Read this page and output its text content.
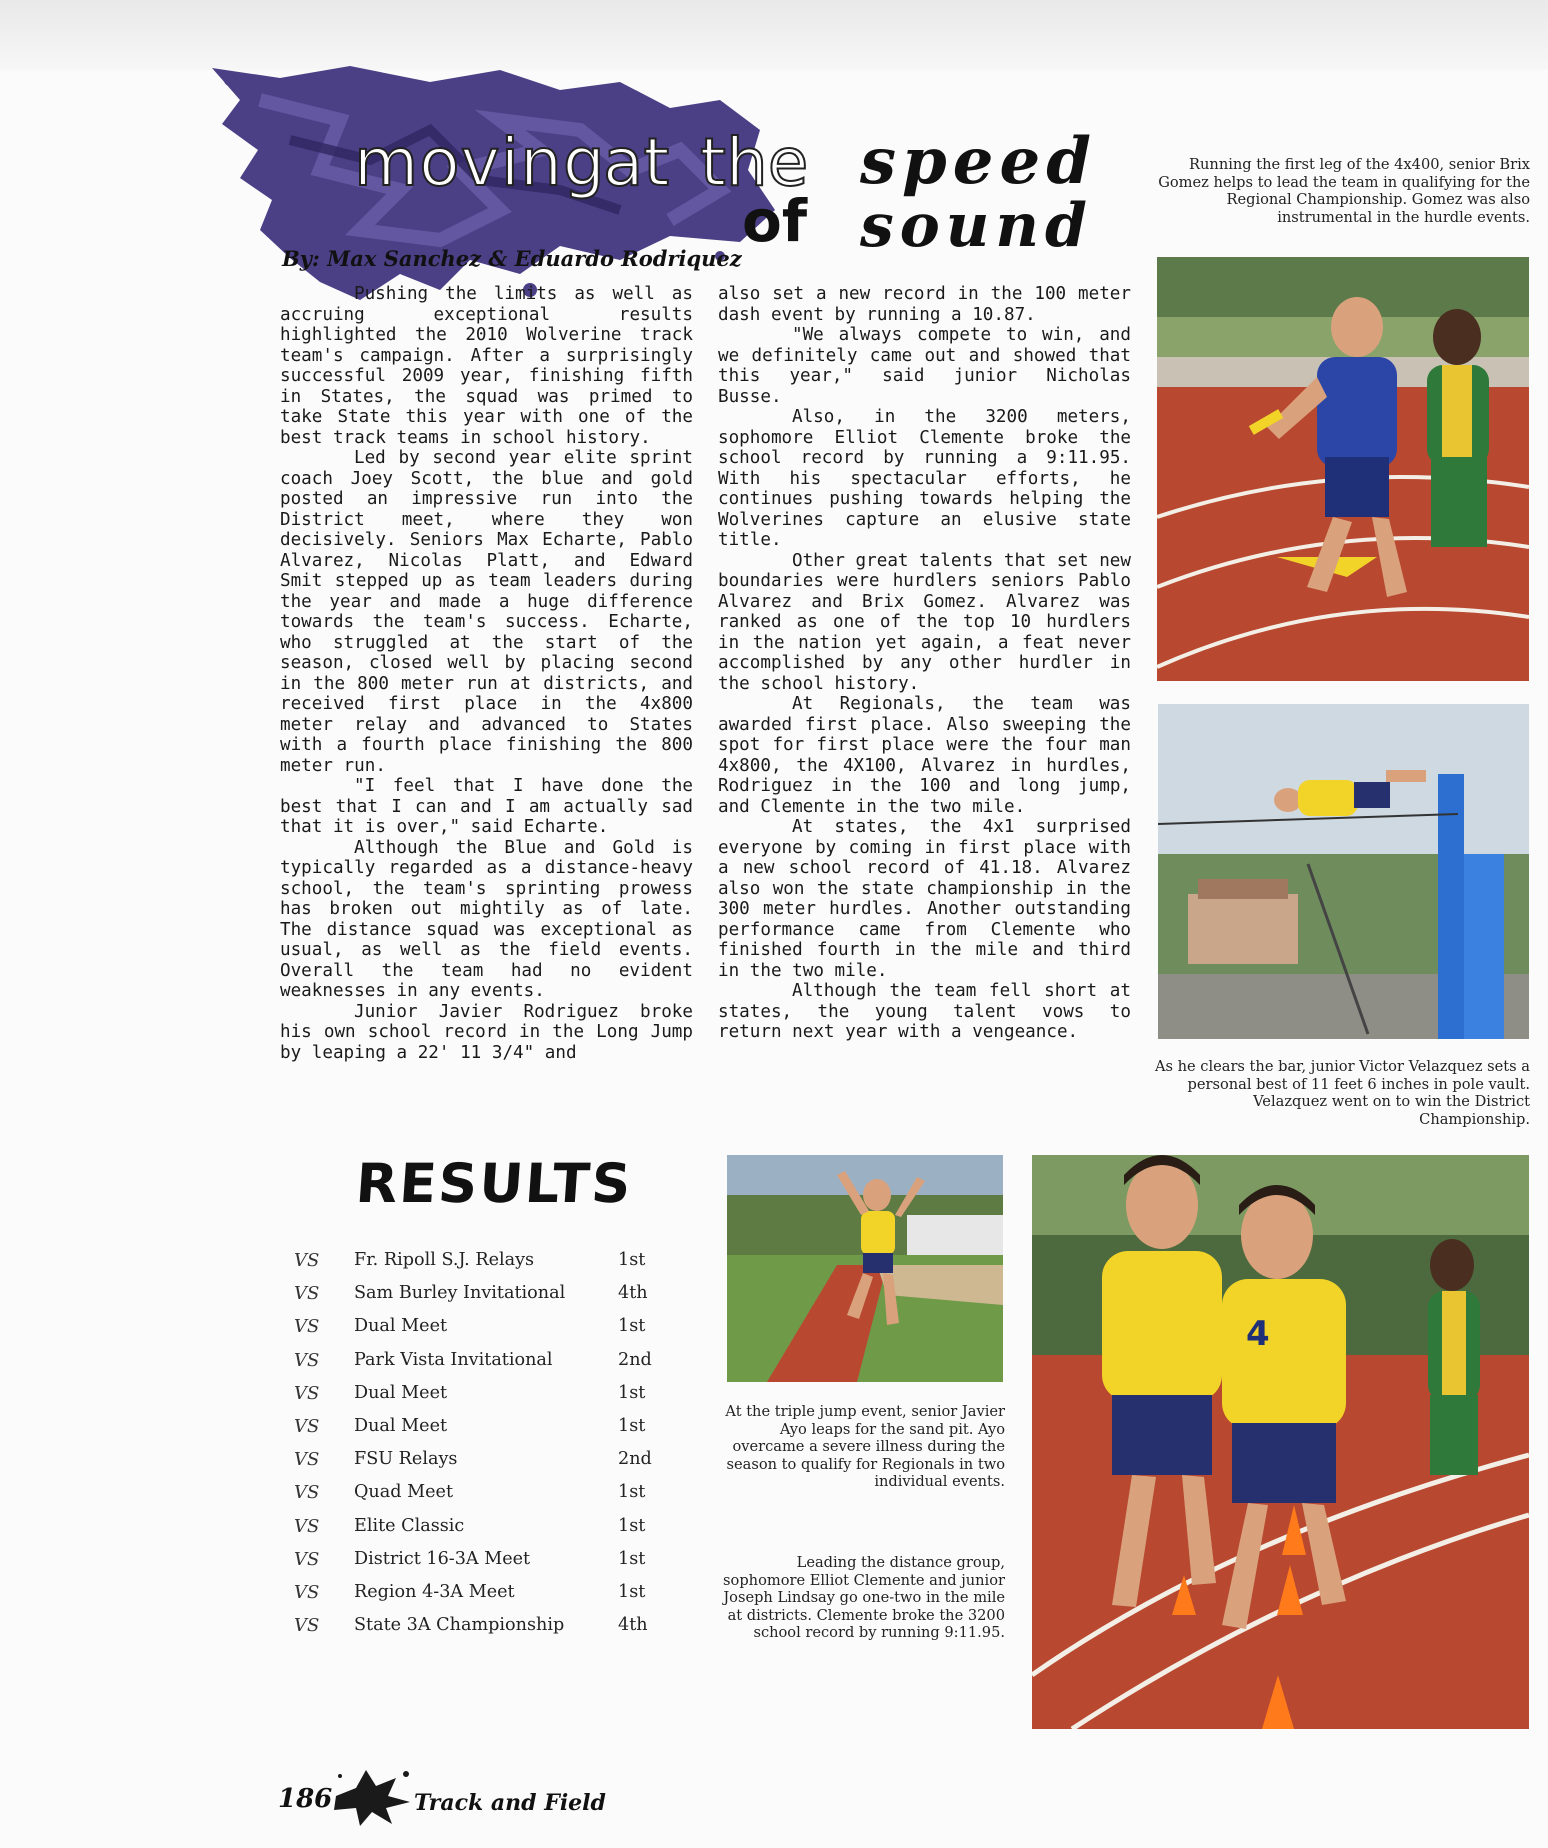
moving
at the
of
speed
sound
By: Max Sanchez & Eduardo Rodriquez

Pushing the limits as well as accruing exceptional results highlighted the 2010 Wolverine track team's campaign. After a surprisingly successful 2009 year, finishing fifth in States, the squad was primed to take State this year with one of the best track teams in school history.

Led by second year elite sprint coach Joey Scott, the blue and gold posted an impressive run into the District meet, where they won decisively. Seniors Max Echarte, Pablo Alvarez, Nicolas Platt, and Edward Smit stepped up as team leaders during the year and made a huge difference towards the team's success. Echarte, who struggled at the start of the season, closed well by placing second in the 800 meter run at districts, and received first place in the 4x800 meter relay and advanced to States with a fourth place finishing the 800 meter run.

"I feel that I have done the best that I can and I am actually sad that it is over," said Echarte.

Although the Blue and Gold is typically regarded as a distance-heavy school, the team's sprinting prowess has broken out mightily as of late. The distance squad was exceptional as usual, as well as the field events. Overall the team had no evident weaknesses in any events.

Junior Javier Rodriguez broke his own school record in the Long Jump by leaping a 22' 11 3/4" and

also set a new record in the 100 meter dash event by running a 10.87.

"We always compete to win, and we definitely came out and showed that this year," said junior Nicholas Busse.

Also, in the 3200 meters, sophomore Elliot Clemente broke the school record by running a 9:11.95. With his spectacular efforts, he continues pushing towards helping the Wolverines capture an elusive state title.

Other great talents that set new boundaries were hurdlers seniors Pablo Alvarez and Brix Gomez. Alvarez was ranked as one of the top 10 hurdlers in the nation yet again, a feat never accomplished by any other hurdler in the school history.

At Regionals, the team was awarded first place. Also sweeping the spot for first place were the four man 4x800, the 4X100, Alvarez in hurdles, Rodriguez in the 100 and long jump, and Clemente in the two mile.

At states, the 4x1 surprised everyone by coming in first place with a new school record of 41.18. Alvarez also won the state championship in the 300 meter hurdles. Another outstanding performance came from Clemente who finished fourth in the mile and third in the two mile.

Although the team fell short at states, the young talent vows to return next year with a vengeance.

Running the first leg of the 4x400, senior Brix Gomez helps to lead the team in qualifying for the Regional Championship. Gomez was also instrumental in the hurdle events.
As he clears the bar, junior Victor Velazquez sets a personal best of 11 feet 6 inches in pole vault. Velazquez went on to win the District Championship.
At the triple jump event, senior Javier Ayo leaps for the sand pit. Ayo overcame a severe illness during the season to qualify for Regionals in two individual events.
Leading the distance group, sophomore Elliot Clemente and junior Joseph Lindsay go one-two in the mile at districts. Clemente broke the 3200 school record by running 9:11.95.
4
RESULTS
VS Fr. Ripoll S.J. Relays	1st
VS Sam Burley Invitational	4th
VS Dual Meet	1st
VS Park Vista Invitational	2nd
VS Dual Meet	1st
VS Dual Meet	1st
VS FSU Relays	2nd
VS Quad Meet	1st
VS Elite Classic	1st
VS District 16-3A Meet	1st
VS Region 4-3A Meet	1st
VS State 3A Championship	4th
186	Track and Field
